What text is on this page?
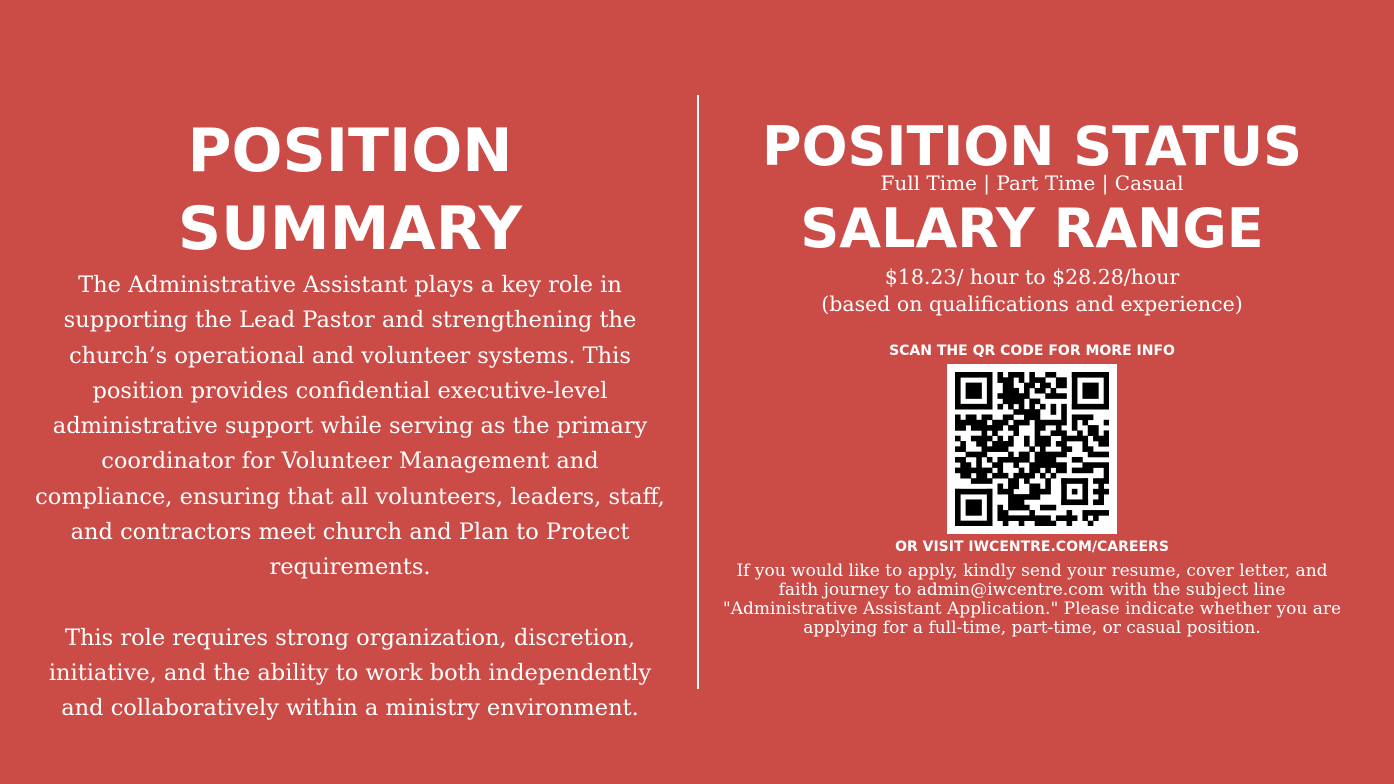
POSITION SUMMARY

The Administrative Assistant plays a key role in supporting the Lead Pastor and strengthening the church’s operational and volunteer systems. This position provides confidential executive-level administrative support while serving as the primary coordinator for Volunteer Management and compliance, ensuring that all volunteers, leaders, staff, and contractors meet church and Plan to Protect requirements.

This role requires strong organization, discretion, initiative, and the ability to work both independently and collaboratively within a ministry environment.

POSITION STATUS
Full Time | Part Time | Casual
SALARY RANGE
$18.23/ hour to $28.28/hour
(based on qualifications and experience)
SCAN THE QR CODE FOR MORE INFO
OR VISIT IWCENTRE.COM/CAREERS
If you would like to apply, kindly send your resume, cover letter, and faith journey to admin@iwcentre.com with the subject line "Administrative Assistant Application." Please indicate whether you are applying for a full-time, part-time, or casual position.
